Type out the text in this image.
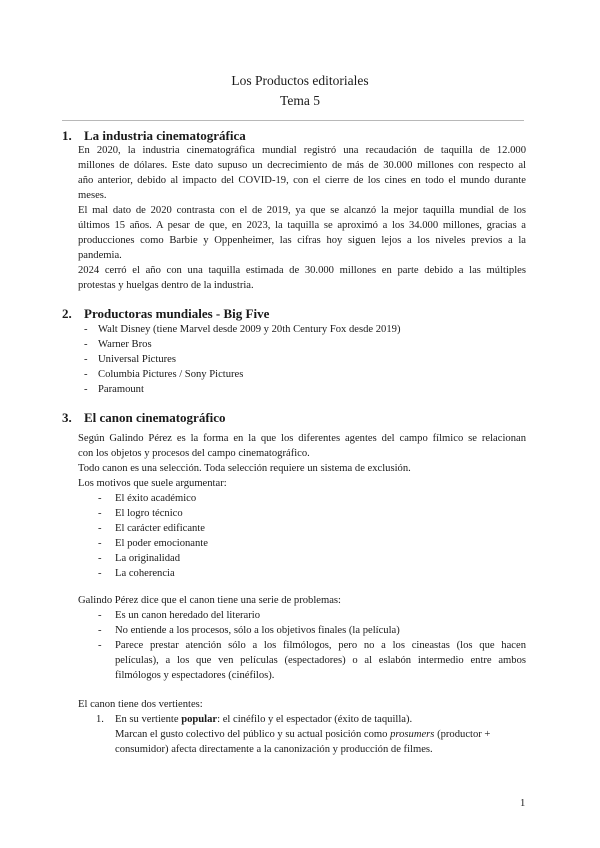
Los Productos editoriales
Tema 5
1. La industria cinematográfica
En 2020, la industria cinematográfica mundial registró una recaudación de taquilla de 12.000
millones de dólares. Este dato supuso un decrecimiento de más de 30.000 millones con respecto al
año anterior, debido al impacto del COVID-19, con el cierre de los cines en todo el mundo durante
meses.
El mal dato de 2020 contrasta con el de 2019, ya que se alcanzó la mejor taquilla mundial de los
últimos 15 años. A pesar de que, en 2023, la taquilla se aproximó a los 34.000 millones, gracias a
producciones como Barbie y Oppenheimer, las cifras hoy siguen lejos a los niveles previos a la
pandemia.
2024 cerró el año con una taquilla estimada de 30.000 millones en parte debido a las múltiples
protestas y huelgas dentro de la industria.
2. Productoras mundiales - Big Five
- Walt Disney (tiene Marvel desde 2009 y 20th Century Fox desde 2019)
- Warner Bros
- Universal Pictures
- Columbia Pictures / Sony Pictures
- Paramount
3. El canon cinematográfico
Según Galindo Pérez es la forma en la que los diferentes agentes del campo fílmico se relacionan
con los objetos y procesos del campo cinematográfico.
Todo canon es una selección. Toda selección requiere un sistema de exclusión.
Los motivos que suele argumentar:
- El éxito académico
- El logro técnico
- El carácter edificante
- El poder emocionante
- La originalidad
- La coherencia
Galindo Pérez dice que el canon tiene una serie de problemas:
- Es un canon heredado del literario
- No entiende a los procesos, sólo a los objetivos finales (la película)
- Parece prestar atención sólo a los filmólogos, pero no a los cineastas (los que hacen
películas), a los que ven películas (espectadores) o al eslabón intermedio entre ambos
filmólogos y espectadores (cinéfilos).
El canon tiene dos vertientes:
1. En su vertiente popular: el cinéfilo y el espectador (éxito de taquilla).
Marcan el gusto colectivo del público y su actual posición como prosumers (productor +
consumidor) afecta directamente a la canonización y producción de filmes.
1
